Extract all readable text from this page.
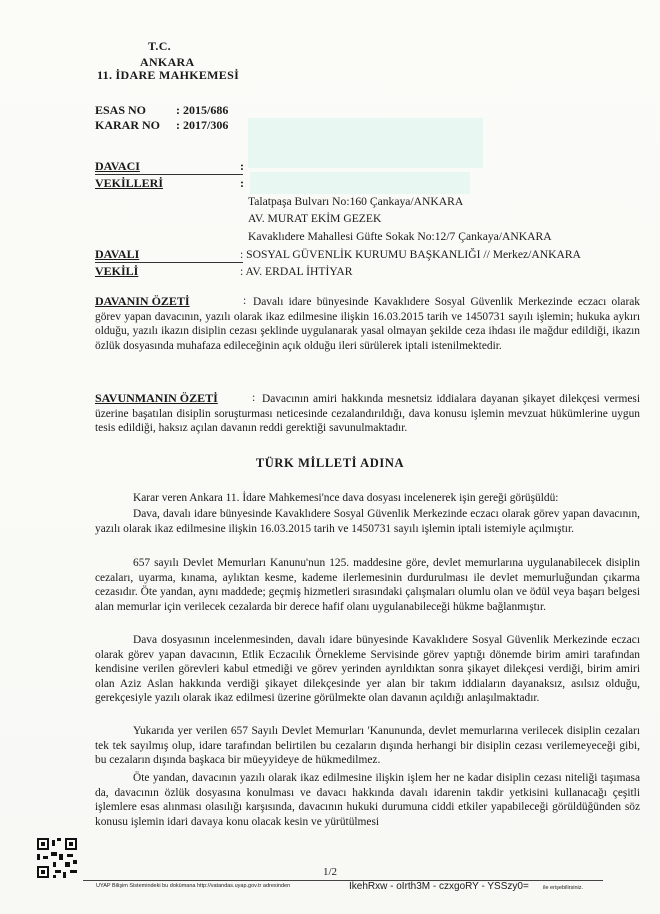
T.C.
ANKARA
11. İDARE MAHKEMESİ
ESAS NO : 2015/686
KARAR NO : 2017/306
DAVACI	:
VEKİLLERİ	:
Talatpaşa Bulvarı No:160 Çankaya/ANKARA
AV. MURAT EKİM GEZEK
Kavaklıdere Mahallesi Güfte Sokak No:12/7 Çankaya/ANKARA
DAVALI	: SOSYAL GÜVENLİK KURUMU BAŞKANLIĞI // Merkez/ANKARA
VEKİLİ	: AV. ERDAL İHTİYAR
DAVANIN ÖZETİ	: Davalı idare bünyesinde Kavaklıdere Sosyal Güvenlik Merkezinde eczacı olarak görev yapan davacının, yazılı olarak ikaz edilmesine ilişkin 16.03.2015 tarih ve 1450731 sayılı işlemin; hukuka aykırı olduğu, yazılı ikazın disiplin cezası şeklinde uygulanarak yasal olmayan şekilde ceza ihdası ile mağdur edildiği, ikazın özlük dosyasında muhafaza edileceğinin açık olduğu ileri sürülerek iptali istenilmektedir.
SAVUNMANIN ÖZETİ	: Davacının amiri hakkında mesnetsiz iddialara dayanan şikayet dilekçesi vermesi üzerine başatılan disiplin soruşturması neticesinde cezalandırıldığı, dava konusu işlemin mevzuat hükümlerine uygun tesis edildiği, haksız açılan davanın reddi gerektiği savunulmaktadır.
TÜRK MİLLETİ ADINA
Karar veren Ankara 11. İdare Mahkemesi'nce dava dosyası incelenerek işin gereği görüşüldü:
Dava, davalı idare bünyesinde Kavaklıdere Sosyal Güvenlik Merkezinde eczacı olarak görev yapan davacının, yazılı olarak ikaz edilmesine ilişkin 16.03.2015 tarih ve 1450731 sayılı işlemin iptali istemiyle açılmıştır.
657 sayılı Devlet Memurları Kanunu'nun 125. maddesine göre, devlet memurlarına uygulanabilecek disiplin cezaları, uyarma, kınama, aylıktan kesme, kademe ilerlemesinin durdurulması ile devlet memurluğundan çıkarma cezasıdır. Öte yandan, aynı maddede; geçmiş hizmetleri sırasındaki çalışmaları olumlu olan ve ödül veya başarı belgesi alan memurlar için verilecek cezalarda bir derece hafif olanı uygulanabileceği hükme bağlanmıştır.
Dava dosyasının incelenmesinden, davalı idare bünyesinde Kavaklıdere Sosyal Güvenlik Merkezinde eczacı olarak görev yapan davacının, Etlik Eczacılık Örnekleme Servisinde görev yaptığı dönemde birim amiri tarafından kendisine verilen görevleri kabul etmediği ve görev yerinden ayrıldıktan sonra şikayet dilekçesi verdiği, birim amiri olan Aziz Aslan hakkında verdiği şikayet dilekçesinde yer alan bir takım iddiaların dayanaksız, asılsız olduğu, gerekçesiyle yazılı olarak ikaz edilmesi üzerine görülmekte olan davanın açıldığı anlaşılmaktadır.
Yukarıda yer verilen 657 Sayılı Devlet Memurları 'Kanununda, devlet memurlarına verilecek disiplin cezaları tek tek sayılmış olup, idare tarafından belirtilen bu cezaların dışında herhangi bir disiplin cezası verilemeyeceği gibi, bu cezaların dışında başkaca bir müeyyideye de hükmedilmez.
Öte yandan, davacının yazılı olarak ikaz edilmesine ilişkin işlem her ne kadar disiplin cezası niteliği taşımasa da, davacının özlük dosyasına konulması ve davacı hakkında davalı idarenin takdir yetkisini kullanacağı çeşitli işlemlere esas alınması olasılığı karşısında, davacının hukuki durumuna ciddi etkiler yapabileceği görüldüğünden söz konusu işlemin idari davaya konu olacak kesin ve yürütülmesi
1/2
UYAP Bilişim Sistemindeki bu dokümana http://vatandas.uyap.gov.tr adresinden	IkehRxw - oIrth3M - czxgoRY - YSSzy0=	ile erişebilirsiniz.
